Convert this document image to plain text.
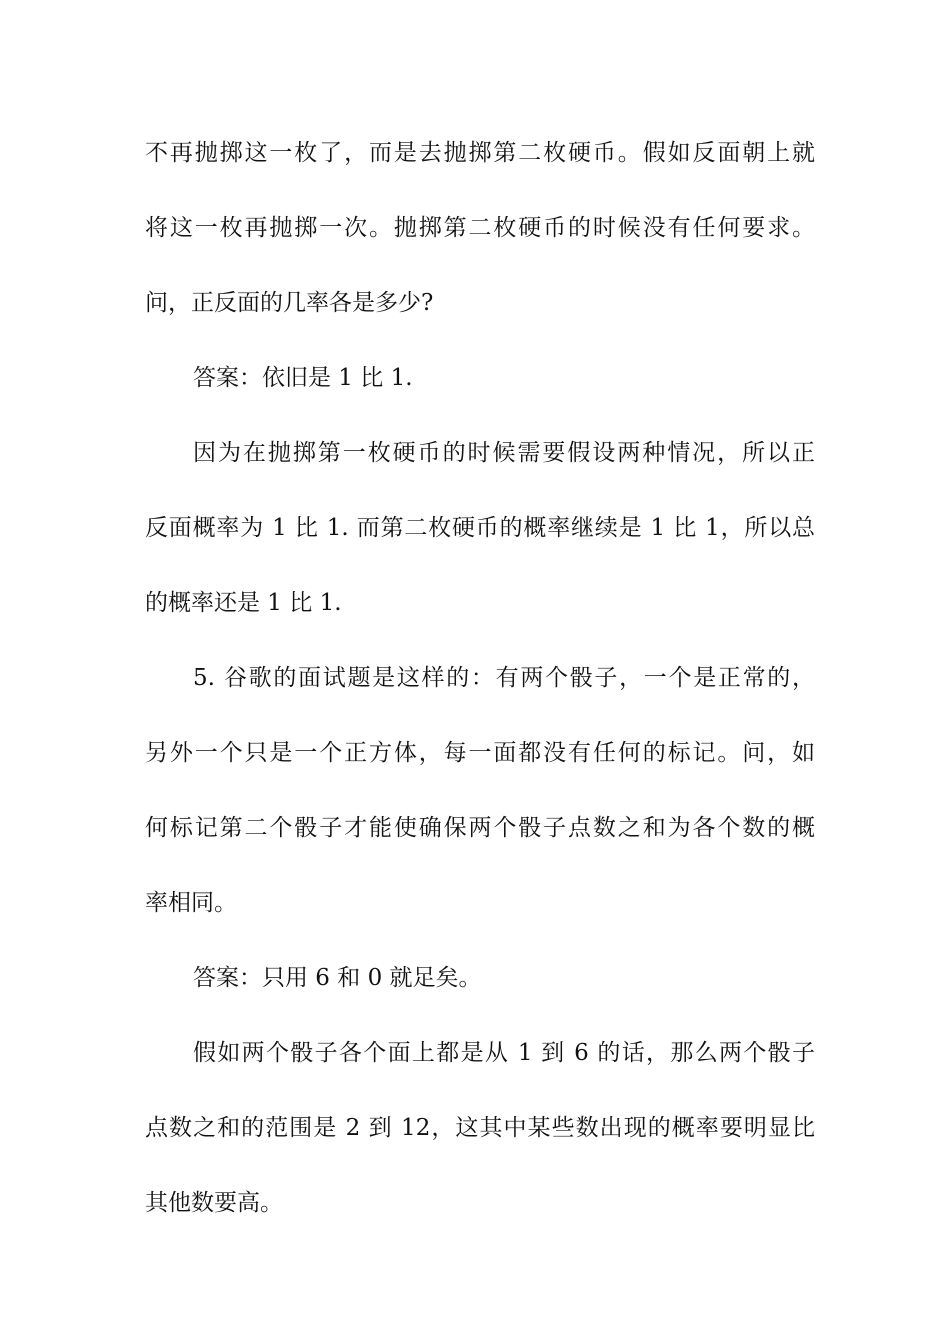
不再抛掷这一枚了，而是去抛掷第二枚硬币。假如反面朝上就

将这一枚再抛掷一次。抛掷第二枚硬币的时候没有任何要求。

问，正反面的几率各是多少?

答案：依旧是 1 比 1.

因为在抛掷第一枚硬币的时候需要假设两种情况，所以正

反面概率为 1 比 1. 而第二枚硬币的概率继续是 1 比 1，所以总

的概率还是 1 比 1.

5. 谷歌的面试题是这样的：有两个骰子，一个是正常的，

另外一个只是一个正方体，每一面都没有任何的标记。问，如

何标记第二个骰子才能使确保两个骰子点数之和为各个数的概

率相同。

答案：只用 6 和 0 就足矣。

假如两个骰子各个面上都是从 1 到 6 的话，那么两个骰子

点数之和的范围是 2 到 12，这其中某些数出现的概率要明显比

其他数要高。
